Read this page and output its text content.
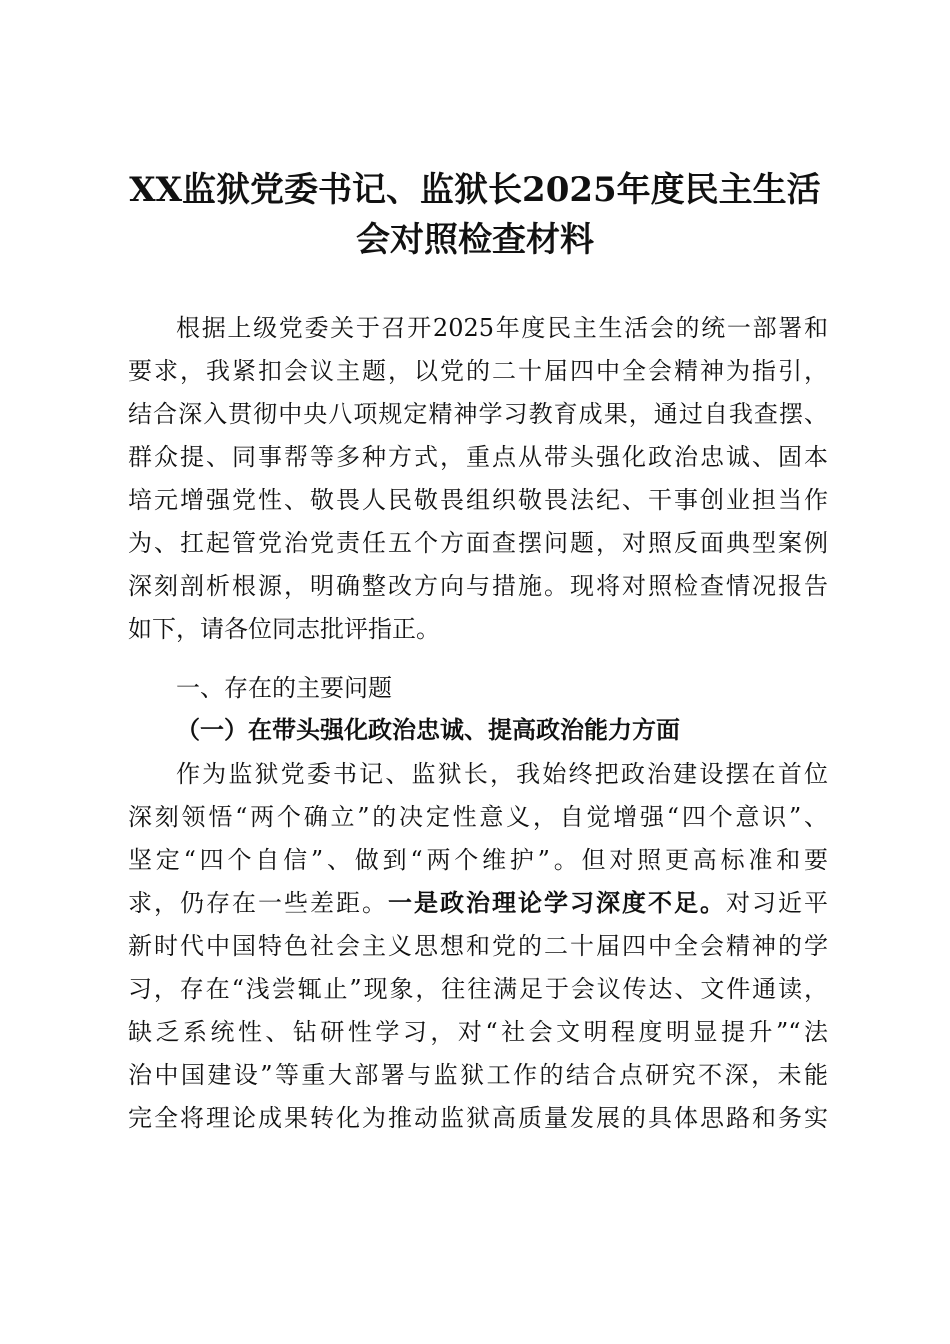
XX监狱党委书记、监狱长2025年度民主生活
会对照检查材料
根据上级党委关于召开2025年度民主生活会的统一部署和
要求，我紧扣会议主题，以党的二十届四中全会精神为指引，
结合深入贯彻中央八项规定精神学习教育成果，通过自我查摆、
群众提、同事帮等多种方式，重点从带头强化政治忠诚、固本
培元增强党性、敬畏人民敬畏组织敬畏法纪、干事创业担当作
为、扛起管党治党责任五个方面查摆问题，对照反面典型案例
深刻剖析根源，明确整改方向与措施。现将对照检查情况报告
如下，请各位同志批评指正。
一、存在的主要问题
（一）在带头强化政治忠诚、提高政治能力方面
作为监狱党委书记、监狱长，我始终把政治建设摆在首位
深刻领悟“两个确立”的决定性意义，自觉增强“四个意识”、
坚定“四个自信”、做到“两个维护”。但对照更高标准和要
求，仍存在一些差距。一是政治理论学习深度不足。对习近平
新时代中国特色社会主义思想和党的二十届四中全会精神的学
习，存在“浅尝辄止”现象，往往满足于会议传达、文件通读，
缺乏系统性、钻研性学习，对“社会文明程度明显提升”“法
治中国建设”等重大部署与监狱工作的结合点研究不深，未能
完全将理论成果转化为推动监狱高质量发展的具体思路和务实
